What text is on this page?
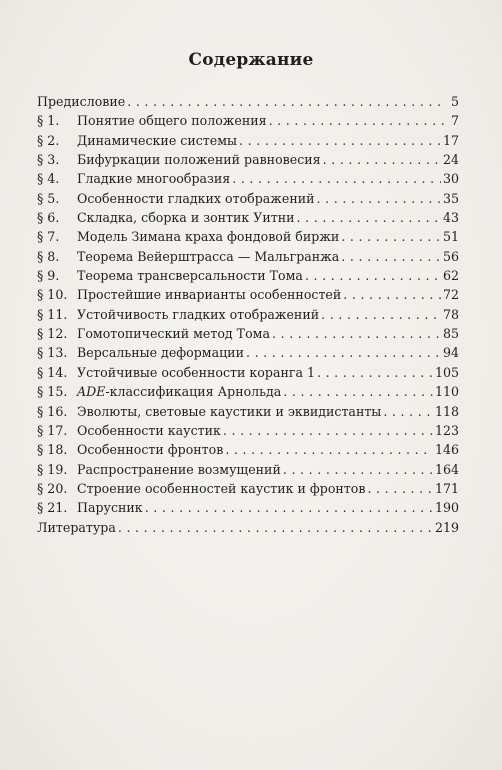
Содержание
Предисловие . . .	5
§ 1.	Понятие общего положения . . .	7
§ 2.	Динамические системы . . .	17
§ 3.	Бифуркации положений равновесия . . .	24
§ 4.	Гладкие многообразия . . .	30
§ 5.	Особенности гладких отображений . . .	35
§ 6.	Складка, сборка и зонтик Уитни . . .	43
§ 7.	Модель Зимана краха фондовой биржи . . .	51
§ 8.	Теорема Вейерштрасса — Мальгранжа . . .	56
§ 9.	Теорема трансверсальности Тома . . .	62
§ 10. Простейшие инварианты особенностей . . .	72
§ 11. Устойчивость гладких отображений . . .	78
§ 12. Гомотопический метод Тома . . .	85
§ 13. Версальные деформации . . .	94
§ 14. Устойчивые особенности коранга 1 . . .	105
§ 15. ADE-классификация Арнольда . . .	110
§ 16. Эволюты, световые каустики и эквидистанты . . .	118
§ 17. Особенности каустик . . .	123
§ 18. Особенности фронтов . . .	146
§ 19. Распространение возмущений . . .	164
§ 20. Строение особенностей каустик и фронтов . . .	171
§ 21. Парусник . . .	190
Литература . . .	219
